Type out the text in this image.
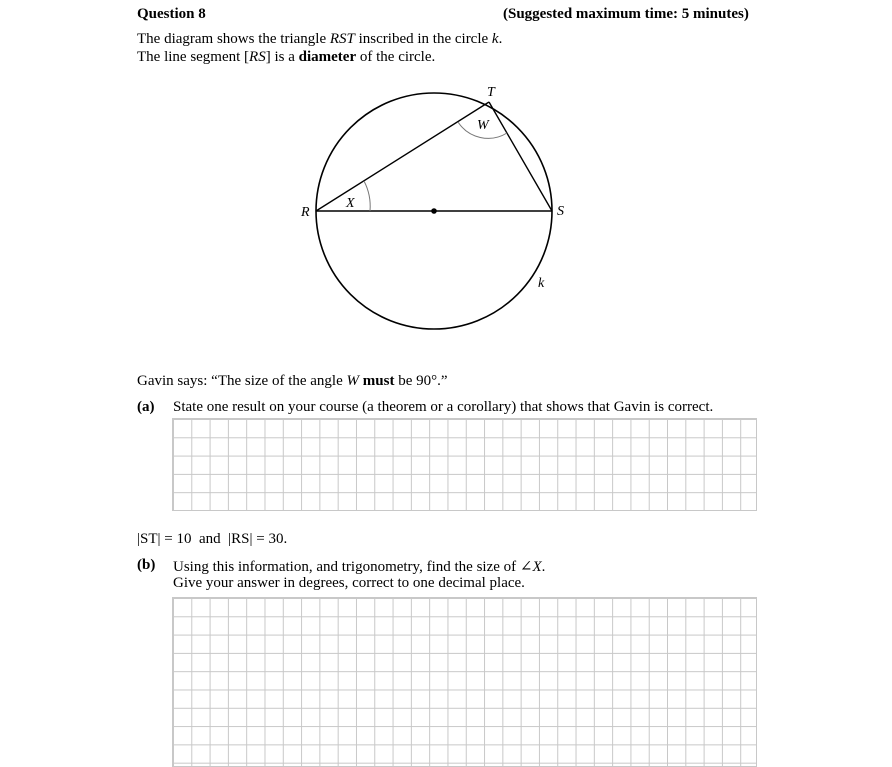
Question 8	(Suggested maximum time: 5 minutes)
The diagram shows the triangle RST inscribed in the circle k.
The line segment [RS] is a diameter of the circle.
T
W
R
X
S
k
Gavin says: “The size of the angle W must be 90°.”
(a) State one result on your course (a theorem or a corollary) that shows that Gavin is correct.
|ST| = 10 and |RS| = 30.
(b) Using this information, and trigonometry, find the size of ∠X.
Give your answer in degrees, correct to one decimal place.
